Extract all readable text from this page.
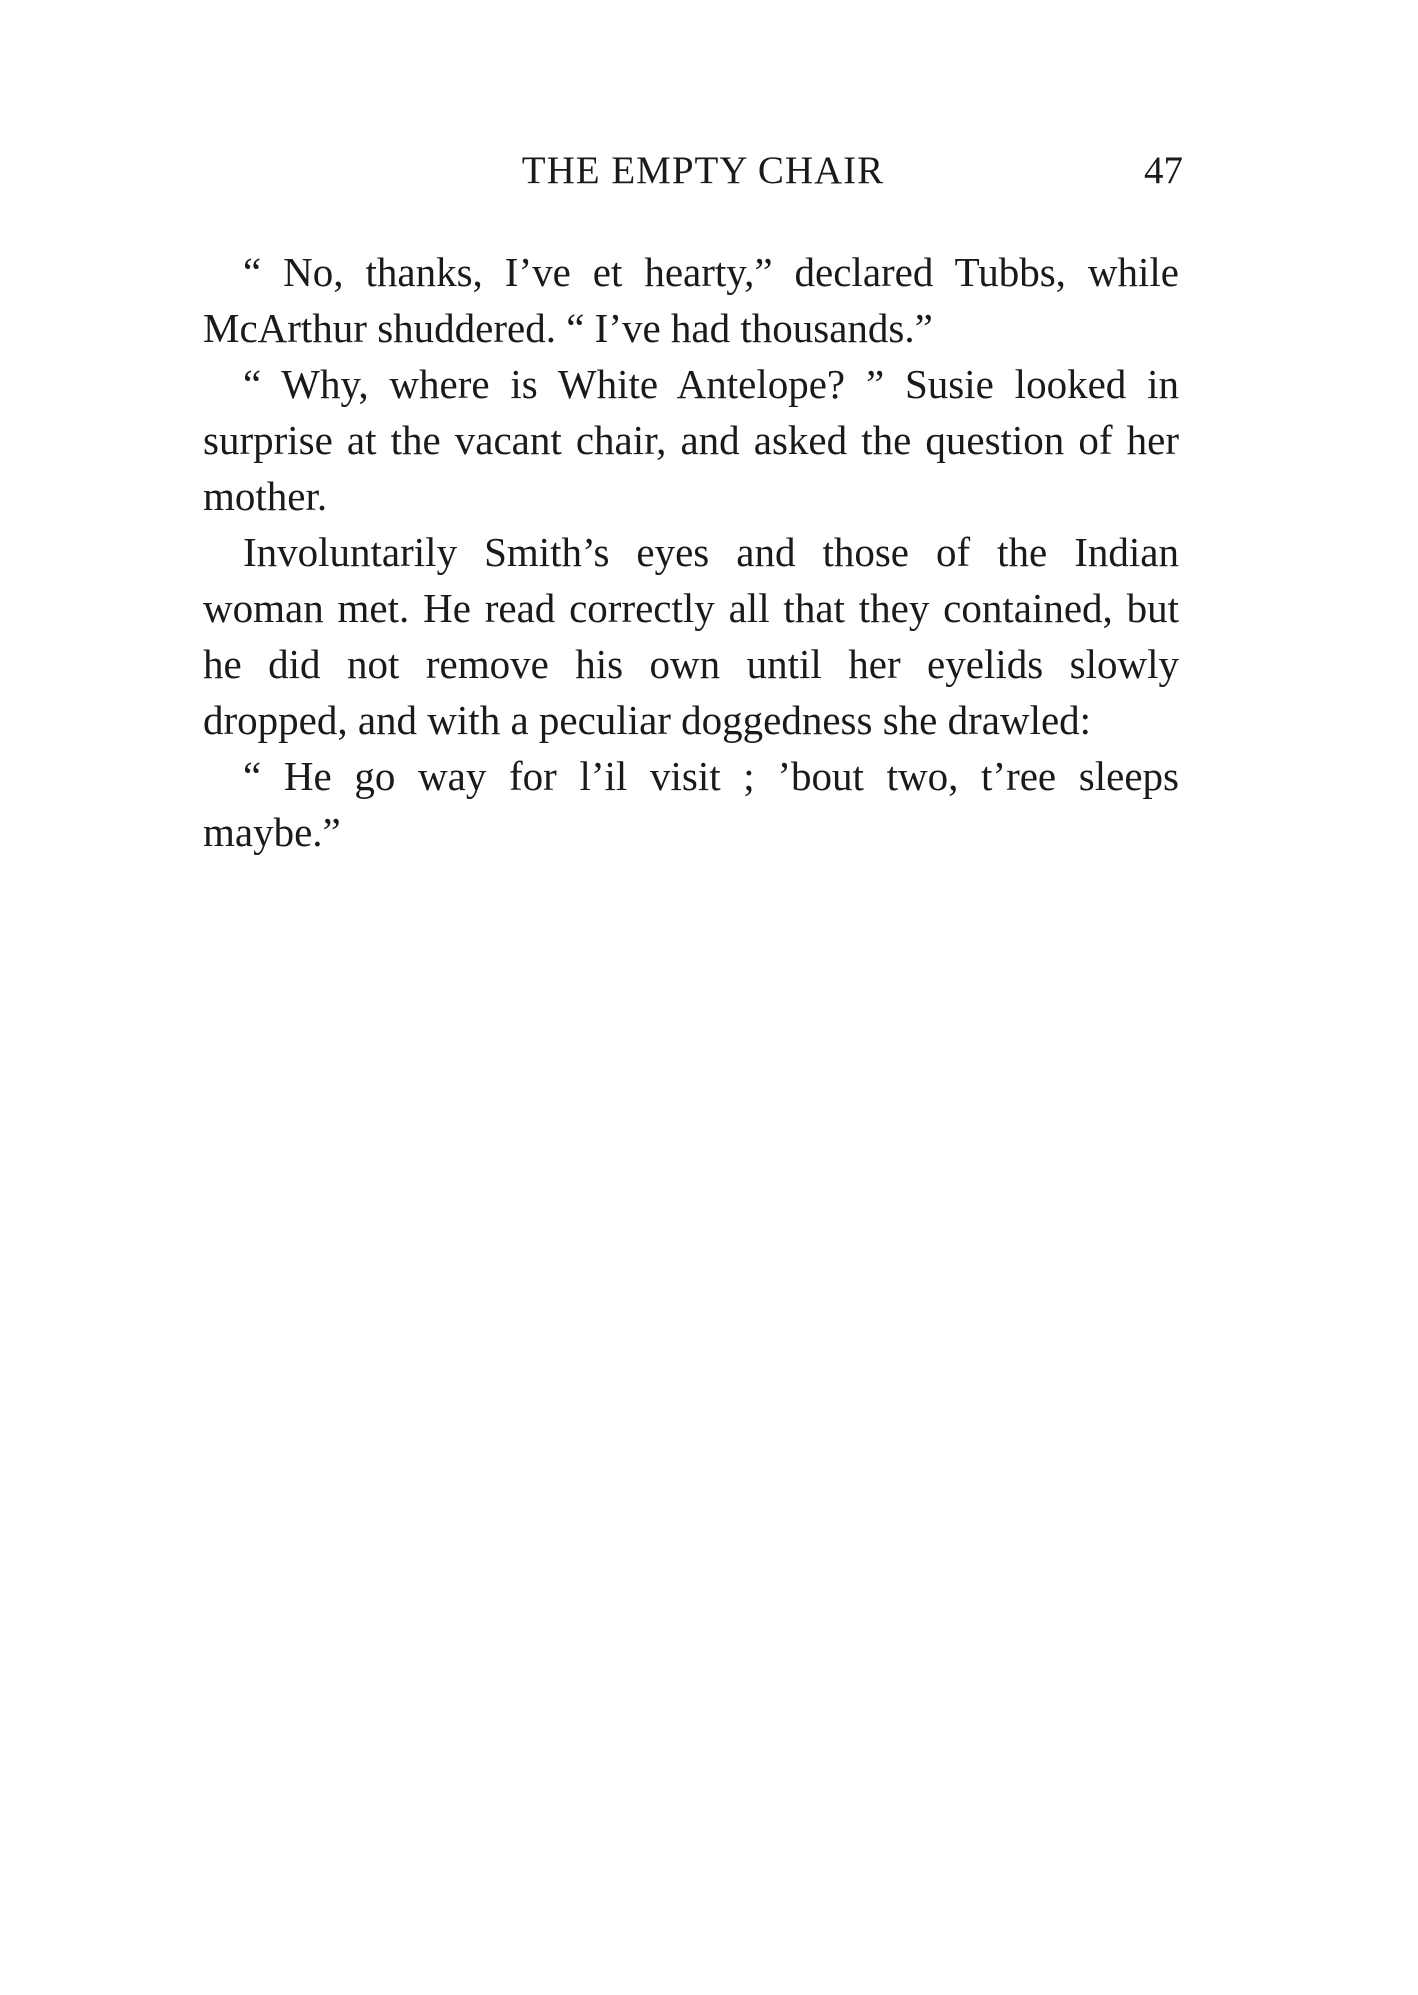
THE EMPTY CHAIR	47

“ No, thanks, I’ve et hearty,” declared Tubbs, while McArthur shuddered. “ I’ve had thousands.”

“ Why, where is White Antelope? ” Susie looked in surprise at the vacant chair, and asked the question of her mother.

Involuntarily Smith’s eyes and those of the Indian woman met. He read correctly all that they contained, but he did not remove his own until her eyelids slowly dropped, and with a peculiar doggedness she drawled:

“ He go way for l’il visit ; ’bout two, t’ree sleeps maybe.”
